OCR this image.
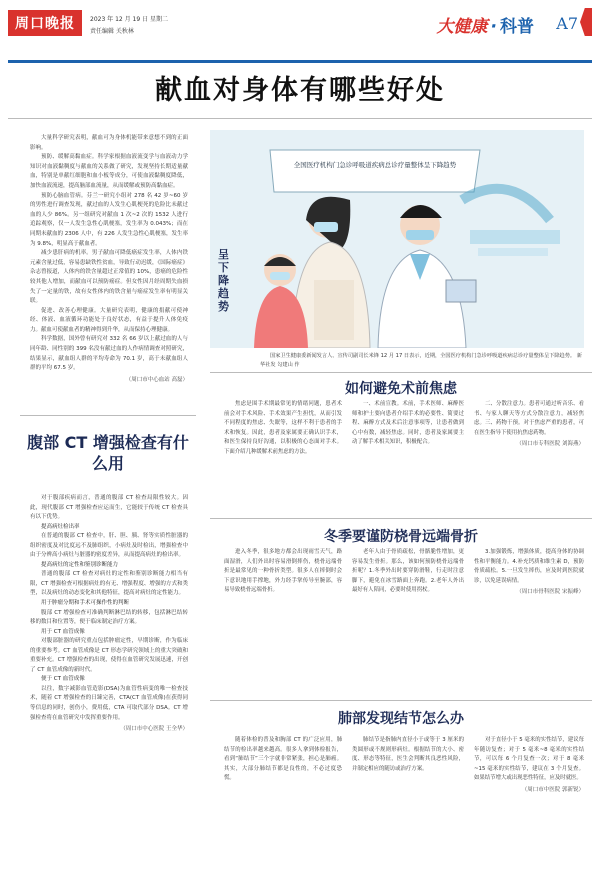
周口晚报	2023 年 12 月 19 日 星期二
责任编辑 关秋林	大健康 · 科普 A7
献血对身体有哪些好处

大量科学研究表明，献血可为身体机能带来意想不到的正面影响。

预防、缓解高黏血症。科学家根据血液流变学与血液动力学知识对血液黏稠度与献血的关系做了研究，发现坚持长期适量献血，特别是单献红细胞和血小板等成分，可使血液黏稠度降低，加快血液流速，提高脑部血流量，从而缓解或预防高黏血症。

预防心脑血管病。芬兰一研究小组对 278 名 42 岁~60 岁的男性进行调查发现，献过血的人发生心肌梗死的危险比未献过血的人少 86%。另一组研究对献血 1 次~2 次的 1532 人进行追踪观察，仅一人发生急性心肌梗塞，发生率为 0.043%；而在同期未献血的 2306 人中，有 226 人发生急性心肌梗塞，发生率为 9.8%，明显高于献血者。

减少患肝病的机率。男子献血可降低癌症发生率，人体内铁元素含量过低，容易患缺铁性贫血，导致行动迟缓，《国际癌症》杂志曾报道，人体内的铁含量超过正常值的 10%，患癌的危险性较其他人增加，而献血可以预防癌症。但女性因月经周期失血损失了一定量的铁，故有女性体内的铁含量与癌症发生率有明显关联。

促进、改善心理健康。大量研究表明，健康的捐献可使神经、体液、血液循环功能处于良好状态，有益于提升人体免疫力。献血可使献血者的精神得到升华，从而保持心理健康。

科学数据，国外曾有研究对 332 名 66 岁以上献过血的人与同年龄、同性别的 399 名没有献过血的人作病情调查对照研究，结果显示，献血组人群的平均寿命为 70.1 岁，高于未献血组人群的平均 67.5 岁。

（周口市中心血站 高磊）
腹部 CT 增强检查有什么用

对于腹部疾病而言，普通的腹部 CT 检查局限性较大。因此，现代腹部 CT 增强检查应运而生，它能较于传统 CT 检查具有以下优势。

提高病灶检出率

在普通的腹部 CT 检查中，肝、胆、胰、肾等实质性脏器的组织密度及对比度远不及肺组织，小病灶及时检出，增强检查中由于分辨高小病灶与脏器的密度差异，从而提高病灶的检出率。

提高病灶的定性和鉴别诊断能力

普通的腹部 CT 检查对病灶的定性和鉴别诊断能力相当有限，CT 增强检查可根据病灶的有无、增强程度、增强的方式和类型，以及病灶的动态变化和其他特征，提高对病灶的定性能力。

用于肿瘤分期和手术可操作性的判断

腹部 CT 增强检查可准确判断淋巴结的转移，包括淋巴结转移的数目和位置等，便于临床制定治疗方案。

用于 CT 血管成像

对腹部脏器的研究重点包括肿瘤定性，早期诊断，作为临床的重要参考。CT 血管成像是 CT 形态学研究领域上的重大突破和重要补充。CT 增强检查的出现，使得在血管研究发展迅速，开创了 CT 血管成像的新时代。

便于 CT 血管成像

以往，数字减影血管造影(DSA)为血管性病变的唯一检查技术，随着 CT 增强检查的日臻完善，CTA(CT 血管成像)在获得同等信息的同时，创伤小，费用低，CTA 可取代部分 DSA。CT 增强检查将在血管研究中发挥重要作用。

（周口市中心医院 王全华）
全国医疗机构门急诊呼吸道疾病总诊疗量整体呈下降趋势
呈
下
降
趋
势

国家卫生健康委新闻发言人、宣传司副司长米锋 12 月 17 日表示，近期，全国医疗机构门急诊呼吸道疾病总诊疗量整体呈下降趋势。 新华社发 勾建山 作

如何避免术前焦虑

焦虑是围手术期最常见的情绪问题，患者术前会对手术风险、手术效果产生担忧，从而引发不同程度的焦虑、失眠等，这样不利于患者的手术和恢复。因此，患者及家属要正确认识手术，和医生保持良好沟通，以积极的心态面对手术。下面介绍几种缓解术前焦虑的方法。

一、术前宣教。术前，手术医师、麻醉医师和护士要向患者介绍手术的必要性、简要过程、麻醉方式及术后注意事项等，让患者做到心中有数，减轻焦虑。同时，患者及家属要主动了解手术相关知识，积极配合。

二、分散注意力。患者可通过听音乐、看书、与家人聊天等方式分散注意力，减轻焦虑。三、药物干预。对于焦虑严重的患者，可在医生指导下使用抗焦虑药物。

（周口市专科医院 刘海燕）
冬季要谨防桡骨远端骨折

进入冬季，很多地方都会出现雨雪天气，路面湿滑，人们外出时容易滑倒摔伤，桡骨远端骨折是最常见的一种骨折类型。很多人在摔倒时会下意识地用手撑地，外力经手掌传导至腕部，容易导致桡骨远端骨折。

老年人由于骨质疏松，骨骼脆性增加，更容易发生骨折。那么，该如何预防桡骨远端骨折呢？1.冬季外出时要穿防滑鞋，行走时注意脚下，避免在冰雪路面上奔跑。2.老年人外出最好有人陪同，必要时使用拐杖。

3.加强锻炼，增强体质，提高身体的协调性和平衡能力。4.补充钙质和维生素 D，预防骨质疏松。5.一旦发生摔伤，应及时到医院就诊，以免延误病情。

（周口市骨科医院 宋振峰）
肺部发现结节怎么办

随着体检的普及和胸部 CT 的广泛应用，肺结节的检出率越来越高。很多人拿到体检报告，看到“肺结节”三个字就非常紧张，担心是肺癌。其实，大部分肺结节都是良性的，不必过度恐慌。

肺结节是指肺内直径小于或等于 3 厘米的类圆形或不规则形病灶。根据结节的大小、密度、形态等特征，医生会判断其良恶性风险，并制定相应的随访或治疗方案。

对于直径小于 5 毫米的实性结节，建议每年随访复查；对于 5 毫米~8 毫米的实性结节，可以每 6 个月复查一次；对于 8 毫米~15 毫米的实性结节，建议在 3 个月复查。如果结节增大或出现恶性特征，应及时就医。

（周口市中医院 郭新锐）
